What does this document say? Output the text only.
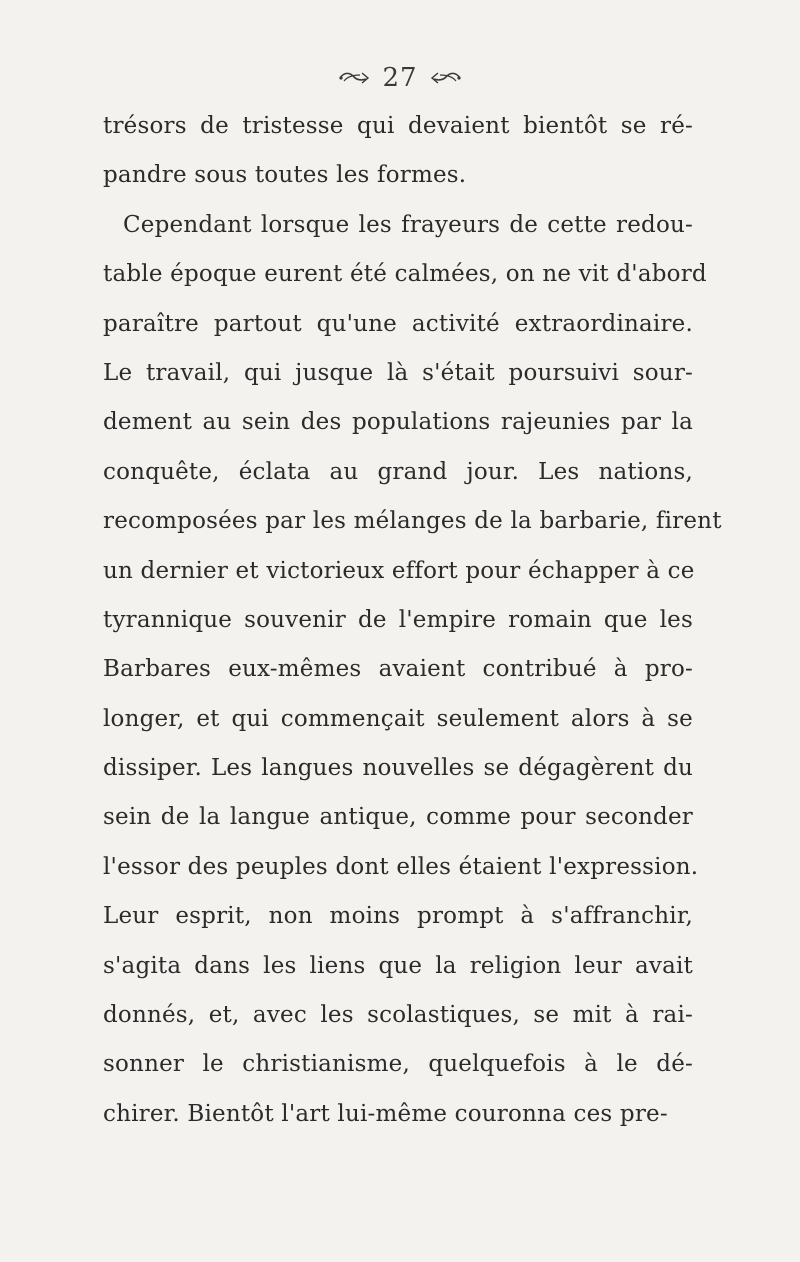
27
trésors de tristesse qui devaient bientôt se ré-
pandre sous toutes les formes.
Cependant lorsque les frayeurs de cette redou-
table époque eurent été calmées, on ne vit d'abord
paraître partout qu'une activité extraordinaire.
Le travail, qui jusque là s'était poursuivi sour-
dement au sein des populations rajeunies par la
conquête, éclata au grand jour. Les nations,
recomposées par les mélanges de la barbarie, firent
un dernier et victorieux effort pour échapper à ce
tyrannique souvenir de l'empire romain que les
Barbares eux-mêmes avaient contribué à pro-
longer, et qui commençait seulement alors à se
dissiper. Les langues nouvelles se dégagèrent du
sein de la langue antique, comme pour seconder
l'essor des peuples dont elles étaient l'expression.
Leur esprit, non moins prompt à s'affranchir,
s'agita dans les liens que la religion leur avait
donnés, et, avec les scolastiques, se mit à rai-
sonner le christianisme, quelquefois à le dé-
chirer. Bientôt l'art lui-même couronna ces pre-
